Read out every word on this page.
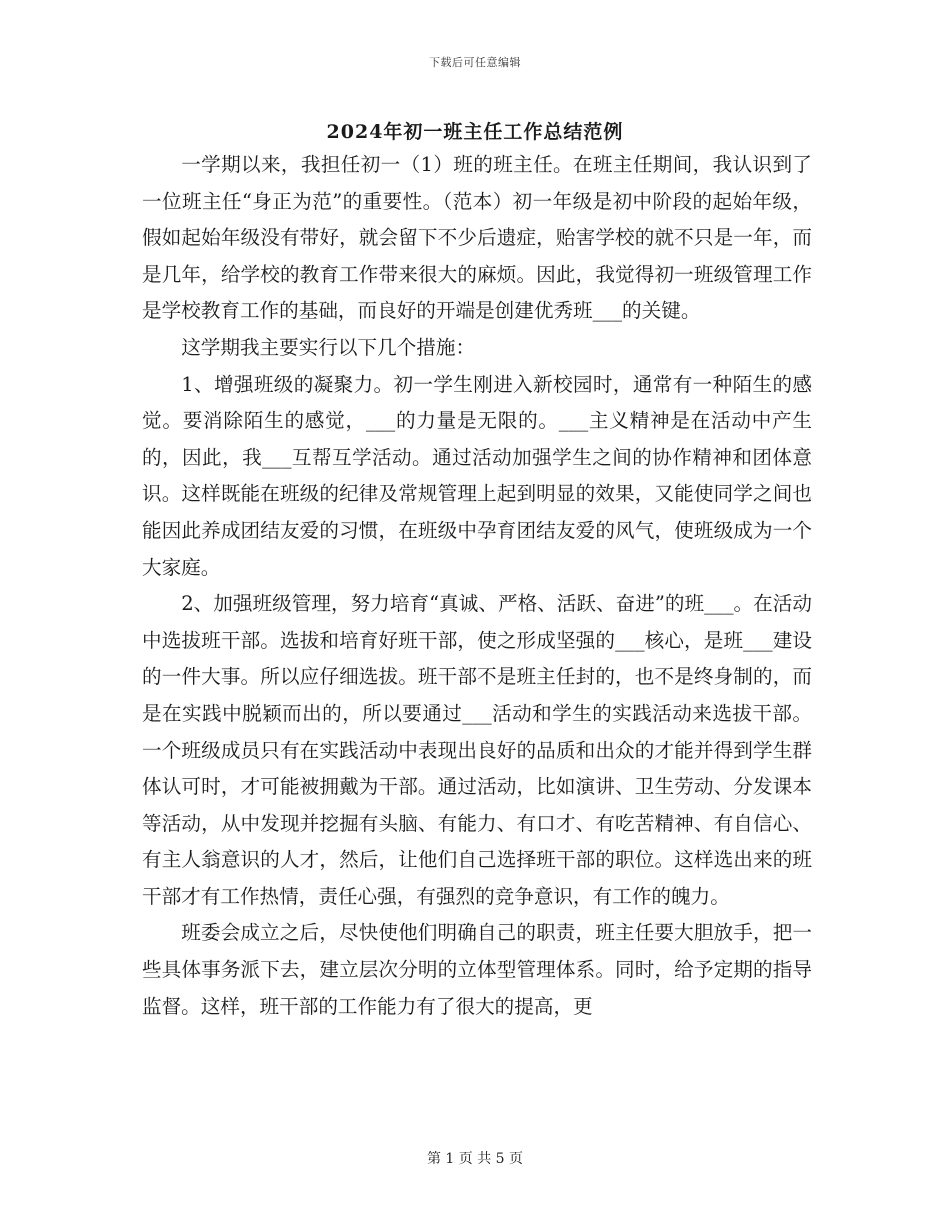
下载后可任意编辑
2024年初一班主任工作总结范例

一学期以来，我担任初一（1）班的班主任。在班主任期间，我认识到了一位班主任“身正为范”的重要性。（范本）初一年级是初中阶段的起始年级，假如起始年级没有带好，就会留下不少后遗症，贻害学校的就不只是一年，而是几年，给学校的教育工作带来很大的麻烦。因此，我觉得初一班级管理工作是学校教育工作的基础，而良好的开端是创建优秀班___的关键。

这学期我主要实行以下几个措施：

1、增强班级的凝聚力。初一学生刚进入新校园时，通常有一种陌生的感觉。要消除陌生的感觉，___的力量是无限的。___主义精神是在活动中产生的，因此，我___互帮互学活动。通过活动加强学生之间的协作精神和团体意识。这样既能在班级的纪律及常规管理上起到明显的效果，又能使同学之间也能因此养成团结友爱的习惯，在班级中孕育团结友爱的风气，使班级成为一个大家庭。

2、加强班级管理，努力培育“真诚、严格、活跃、奋进”的班___。在活动中选拔班干部。选拔和培育好班干部，使之形成坚强的___核心，是班___建设的一件大事。所以应仔细选拔。班干部不是班主任封的，也不是终身制的，而是在实践中脱颖而出的，所以要通过___活动和学生的实践活动来选拔干部。一个班级成员只有在实践活动中表现出良好的品质和出众的才能并得到学生群体认可时，才可能被拥戴为干部。通过活动，比如演讲、卫生劳动、分发课本等活动，从中发现并挖掘有头脑、有能力、有口才、有吃苦精神、有自信心、有主人翁意识的人才，然后，让他们自己选择班干部的职位。这样选出来的班干部才有工作热情，责任心强，有强烈的竞争意识，有工作的魄力。

班委会成立之后，尽快使他们明确自己的职责，班主任要大胆放手，把一些具体事务派下去，建立层次分明的立体型管理体系。同时，给予定期的指导监督。这样，班干部的工作能力有了很大的提高，更

第 1 页 共 5 页
